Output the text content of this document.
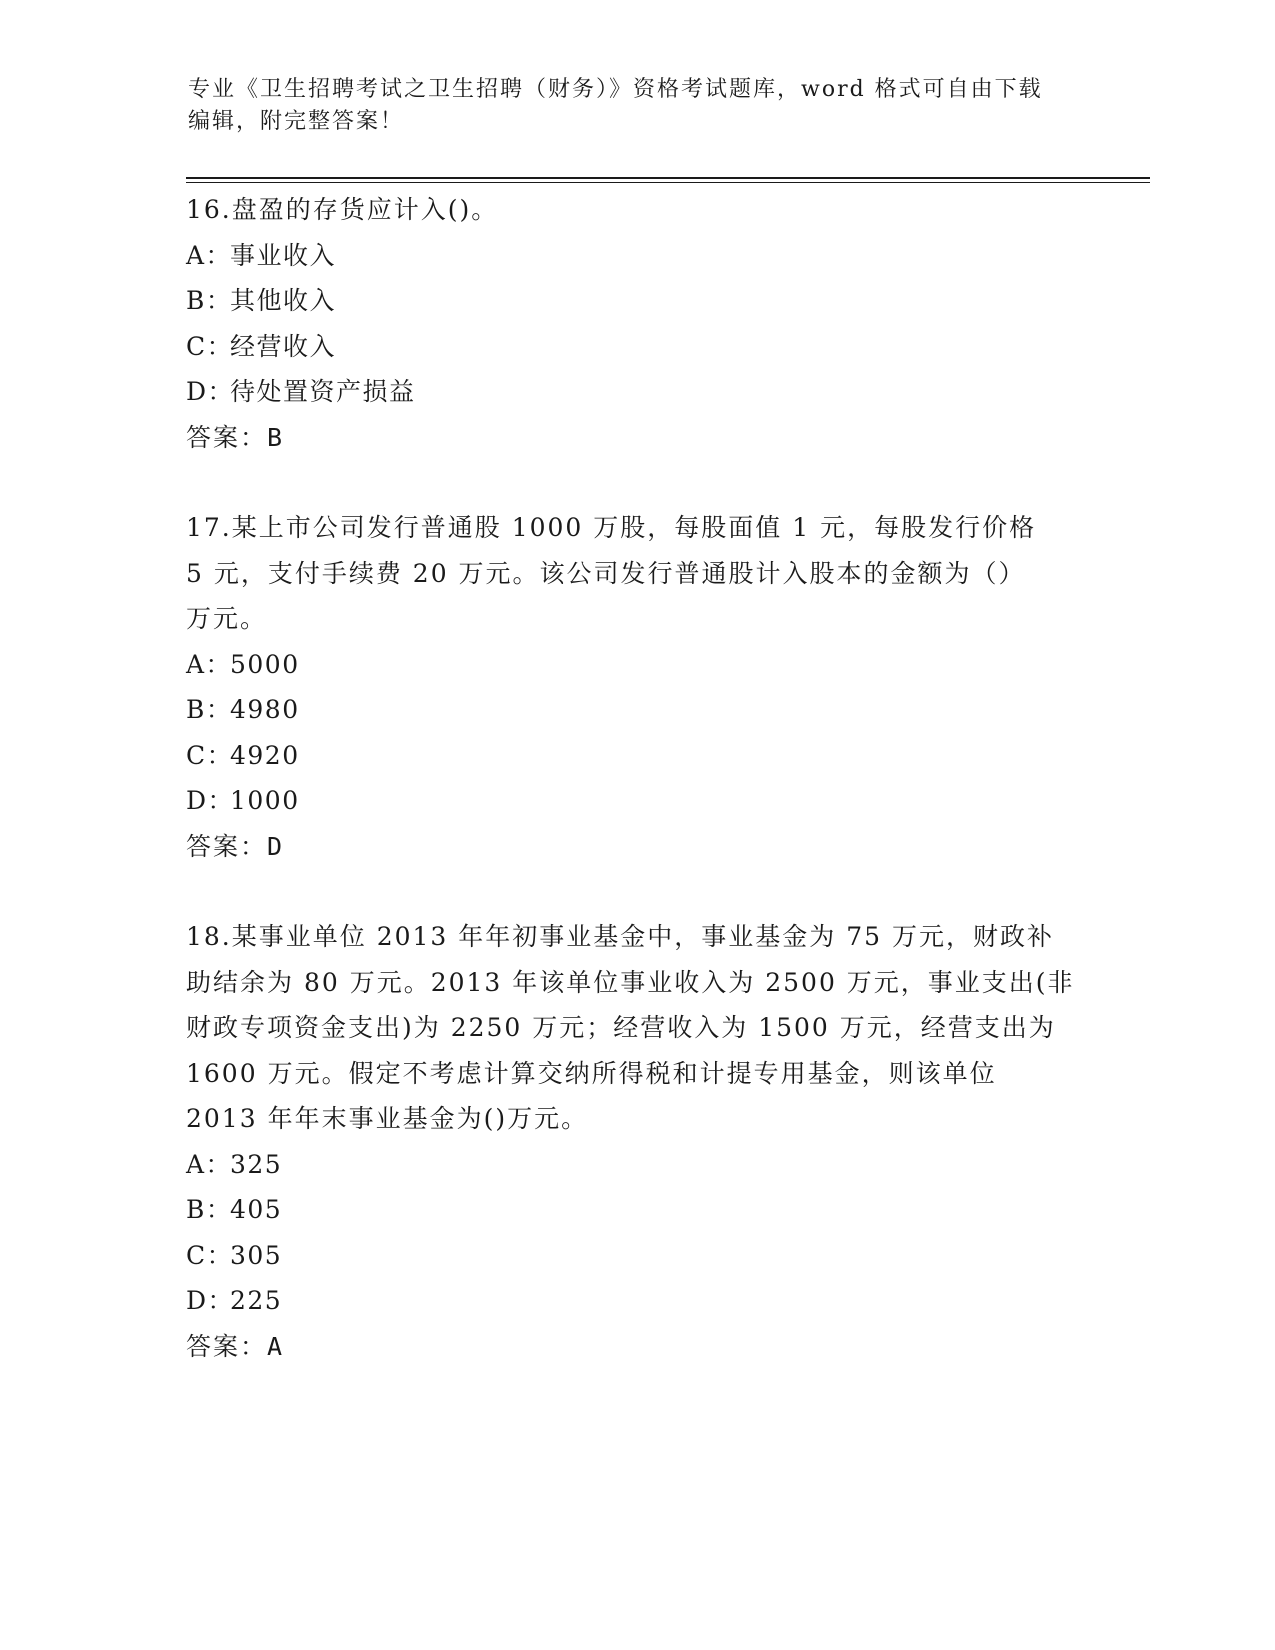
专业《卫生招聘考试之卫生招聘（财务）》资格考试题库，word 格式可自由下载
编辑，附完整答案！
16.盘盈的存货应计入()。
A：事业收入
B：其他收入
C：经营收入
D：待处置资产损益
答案：B
17.某上市公司发行普通股 1000 万股，每股面值 1 元，每股发行价格
5 元，支付手续费 20 万元。该公司发行普通股计入股本的金额为（）
万元。
A：5000
B：4980
C：4920
D：1000
答案：D
18.某事业单位 2013 年年初事业基金中，事业基金为 75 万元，财政补
助结余为 80 万元。2013 年该单位事业收入为 2500 万元，事业支出(非
财政专项资金支出)为 2250 万元；经营收入为 1500 万元，经营支出为
1600 万元。假定不考虑计算交纳所得税和计提专用基金，则该单位
2013 年年末事业基金为()万元。
A：325
B：405
C：305
D：225
答案：A
